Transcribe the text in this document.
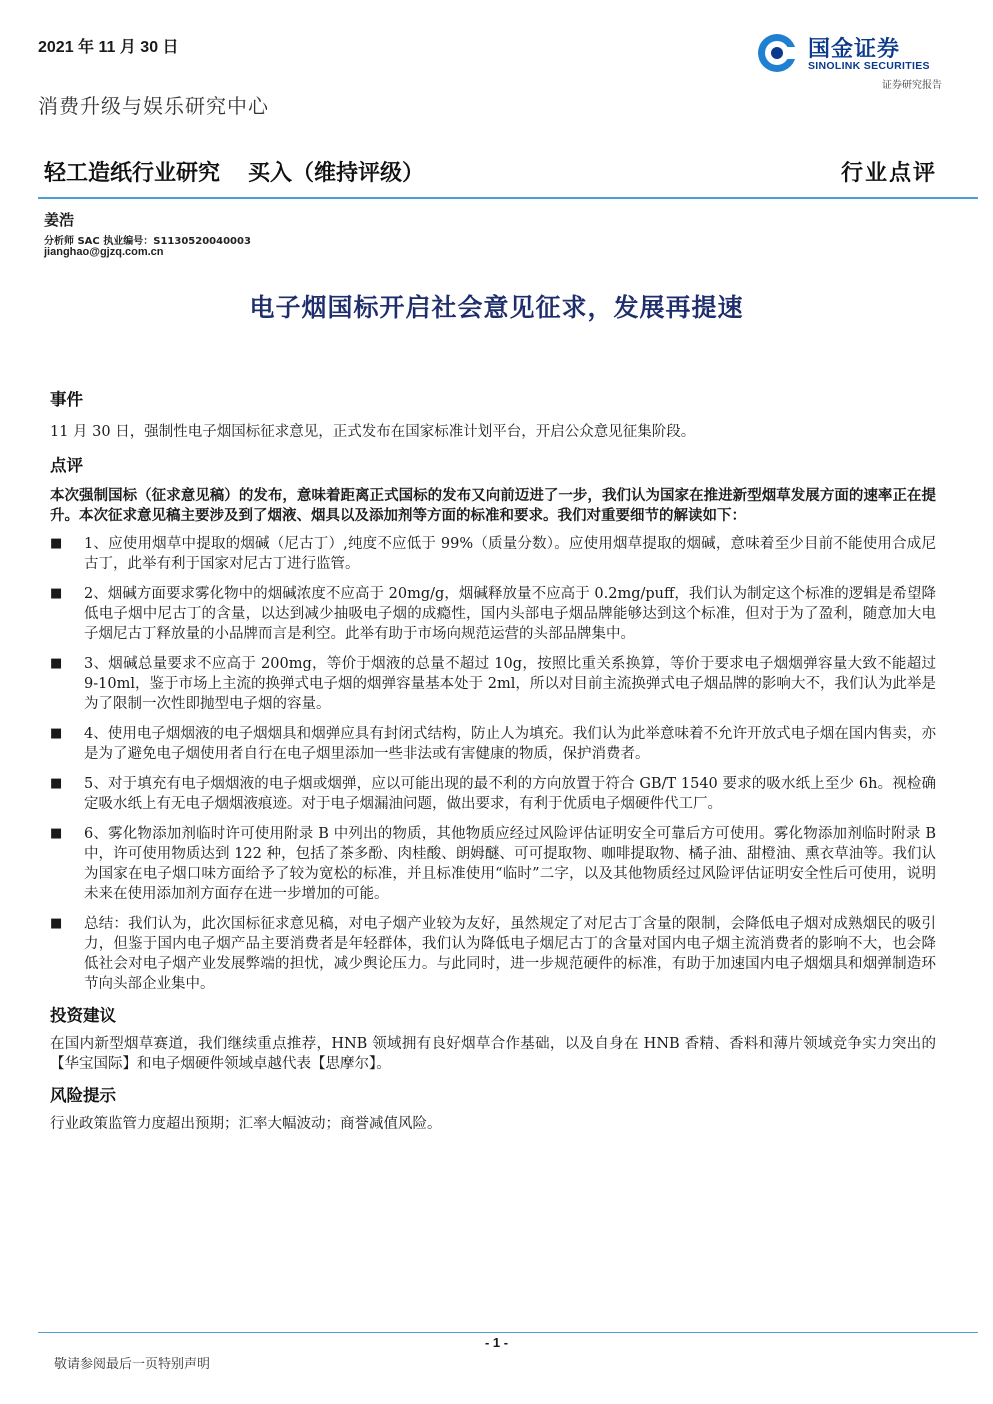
2021 年 11 月 30 日	国金证券
SINOLINK SECURITIES
证券研究报告
消费升级与娱乐研究中心
轻工造纸行业研究 买入（维持评级）	行业点评
姜浩
分析师 SAC 执业编号：S1130520040003
jianghao@gjzq.com.cn
电子烟国标开启社会意见征求，发展再提速

事件

11 月 30 日，强制性电子烟国标征求意见，正式发布在国家标准计划平台，开启公众意见征集阶段。

点评

本次强制国标（征求意见稿）的发布，意味着距离正式国标的发布又向前迈进了一步，我们认为国家在推进新型烟草发展方面的速率正在提升。本次征求意见稿主要涉及到了烟液、烟具以及添加剂等方面的标准和要求。我们对重要细节的解读如下：

■	1、应使用烟草中提取的烟碱（尼古丁）,纯度不应低于 99%（质量分数）。应使用烟草提取的烟碱，意味着至少目前不能使用合成尼古丁，此举有利于国家对尼古丁进行监管。
■	2、烟碱方面要求雾化物中的烟碱浓度不应高于 20mg/g，烟碱释放量不应高于 0.2mg/puff，我们认为制定这个标准的逻辑是希望降低电子烟中尼古丁的含量，以达到减少抽吸电子烟的成瘾性，国内头部电子烟品牌能够达到这个标准，但对于为了盈利，随意加大电子烟尼古丁释放量的小品牌而言是利空。此举有助于市场向规范运营的头部品牌集中。
■	3、烟碱总量要求不应高于 200mg，等价于烟液的总量不超过 10g，按照比重关系换算，等价于要求电子烟烟弹容量大致不能超过 9-10ml，鉴于市场上主流的换弹式电子烟的烟弹容量基本处于 2ml，所以对目前主流换弹式电子烟品牌的影响大不，我们认为此举是为了限制一次性即抛型电子烟的容量。
■	4、使用电子烟烟液的电子烟烟具和烟弹应具有封闭式结构，防止人为填充。我们认为此举意味着不允许开放式电子烟在国内售卖，亦是为了避免电子烟使用者自行在电子烟里添加一些非法或有害健康的物质，保护消费者。
■	5、对于填充有电子烟烟液的电子烟或烟弹，应以可能出现的最不利的方向放置于符合 GB/T 1540 要求的吸水纸上至少 6h。视检确定吸水纸上有无电子烟烟液痕迹。对于电子烟漏油问题，做出要求，有利于优质电子烟硬件代工厂。
■	6、雾化物添加剂临时许可使用附录 B 中列出的物质，其他物质应经过风险评估证明安全可靠后方可使用。雾化物添加剂临时附录 B 中，许可使用物质达到 122 种，包括了茶多酚、肉桂酸、朗姆醚、可可提取物、咖啡提取物、橘子油、甜橙油、熏衣草油等。我们认为国家在电子烟口味方面给予了较为宽松的标准，并且标准使用“临时”二字，以及其他物质经过风险评估证明安全性后可使用，说明未来在使用添加剂方面存在进一步增加的可能。
■	总结：我们认为，此次国标征求意见稿，对电子烟产业较为友好，虽然规定了对尼古丁含量的限制，会降低电子烟对成熟烟民的吸引力，但鉴于国内电子烟产品主要消费者是年轻群体，我们认为降低电子烟尼古丁的含量对国内电子烟主流消费者的影响不大，也会降低社会对电子烟产业发展弊端的担忧，减少舆论压力。与此同时，进一步规范硬件的标准，有助于加速国内电子烟烟具和烟弹制造环节向头部企业集中。

投资建议

在国内新型烟草赛道，我们继续重点推荐，HNB 领域拥有良好烟草合作基础，以及自身在 HNB 香精、香料和薄片领域竞争实力突出的【华宝国际】和电子烟硬件领域卓越代表【思摩尔】。

风险提示

行业政策监管力度超出预期；汇率大幅波动；商誉减值风险。

- 1 -
敬请参阅最后一页特别声明
